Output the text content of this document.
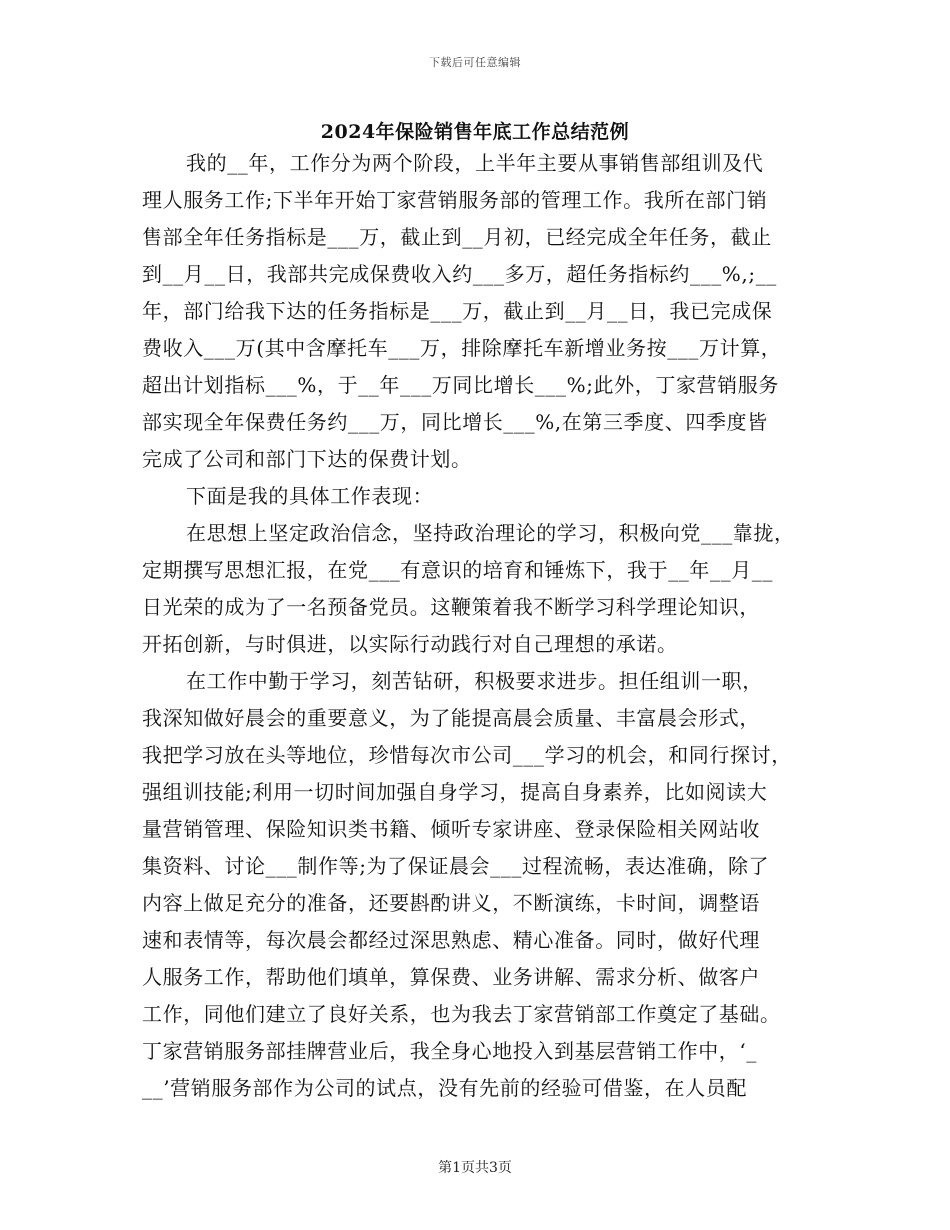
下载后可任意编辑
2024年保险销售年底工作总结范例
我的__年，工作分为两个阶段，上半年主要从事销售部组训及代
理人服务工作;下半年开始丁家营销服务部的管理工作。我所在部门销
售部全年任务指标是___万，截止到__月初，已经完成全年任务，截止
到__月__日，我部共完成保费收入约___多万，超任务指标约___%,;__
年，部门给我下达的任务指标是___万，截止到__月__日，我已完成保
费收入___万(其中含摩托车___万，排除摩托车新增业务按___万计算，
超出计划指标___%，于__年___万同比增长___%;此外，丁家营销服务
部实现全年保费任务约___万，同比增长___%,在第三季度、四季度皆
完成了公司和部门下达的保费计划。
下面是我的具体工作表现：
在思想上坚定政治信念，坚持政治理论的学习，积极向党___靠拢，
定期撰写思想汇报，在党___有意识的培育和锤炼下，我于__年__月__
日光荣的成为了一名预备党员。这鞭策着我不断学习科学理论知识，
开拓创新，与时俱进，以实际行动践行对自己理想的承诺。
在工作中勤于学习，刻苦钻研，积极要求进步。担任组训一职，
我深知做好晨会的重要意义，为了能提高晨会质量、丰富晨会形式，
我把学习放在头等地位，珍惜每次市公司___学习的机会，和同行探讨，
强组训技能;利用一切时间加强自身学习，提高自身素养，比如阅读大
量营销管理、保险知识类书籍、倾听专家讲座、登录保险相关网站收
集资料、讨论___制作等;为了保证晨会___过程流畅，表达准确，除了
内容上做足充分的准备，还要斟酌讲义，不断演练，卡时间，调整语
速和表情等，每次晨会都经过深思熟虑、精心准备。同时，做好代理
人服务工作，帮助他们填单，算保费、业务讲解、需求分析、做客户
工作，同他们建立了良好关系，也为我去丁家营销部工作奠定了基础。
丁家营销服务部挂牌营业后，我全身心地投入到基层营销工作中，‘_
__’营销服务部作为公司的试点，没有先前的经验可借鉴，在人员配
第1页共3页
